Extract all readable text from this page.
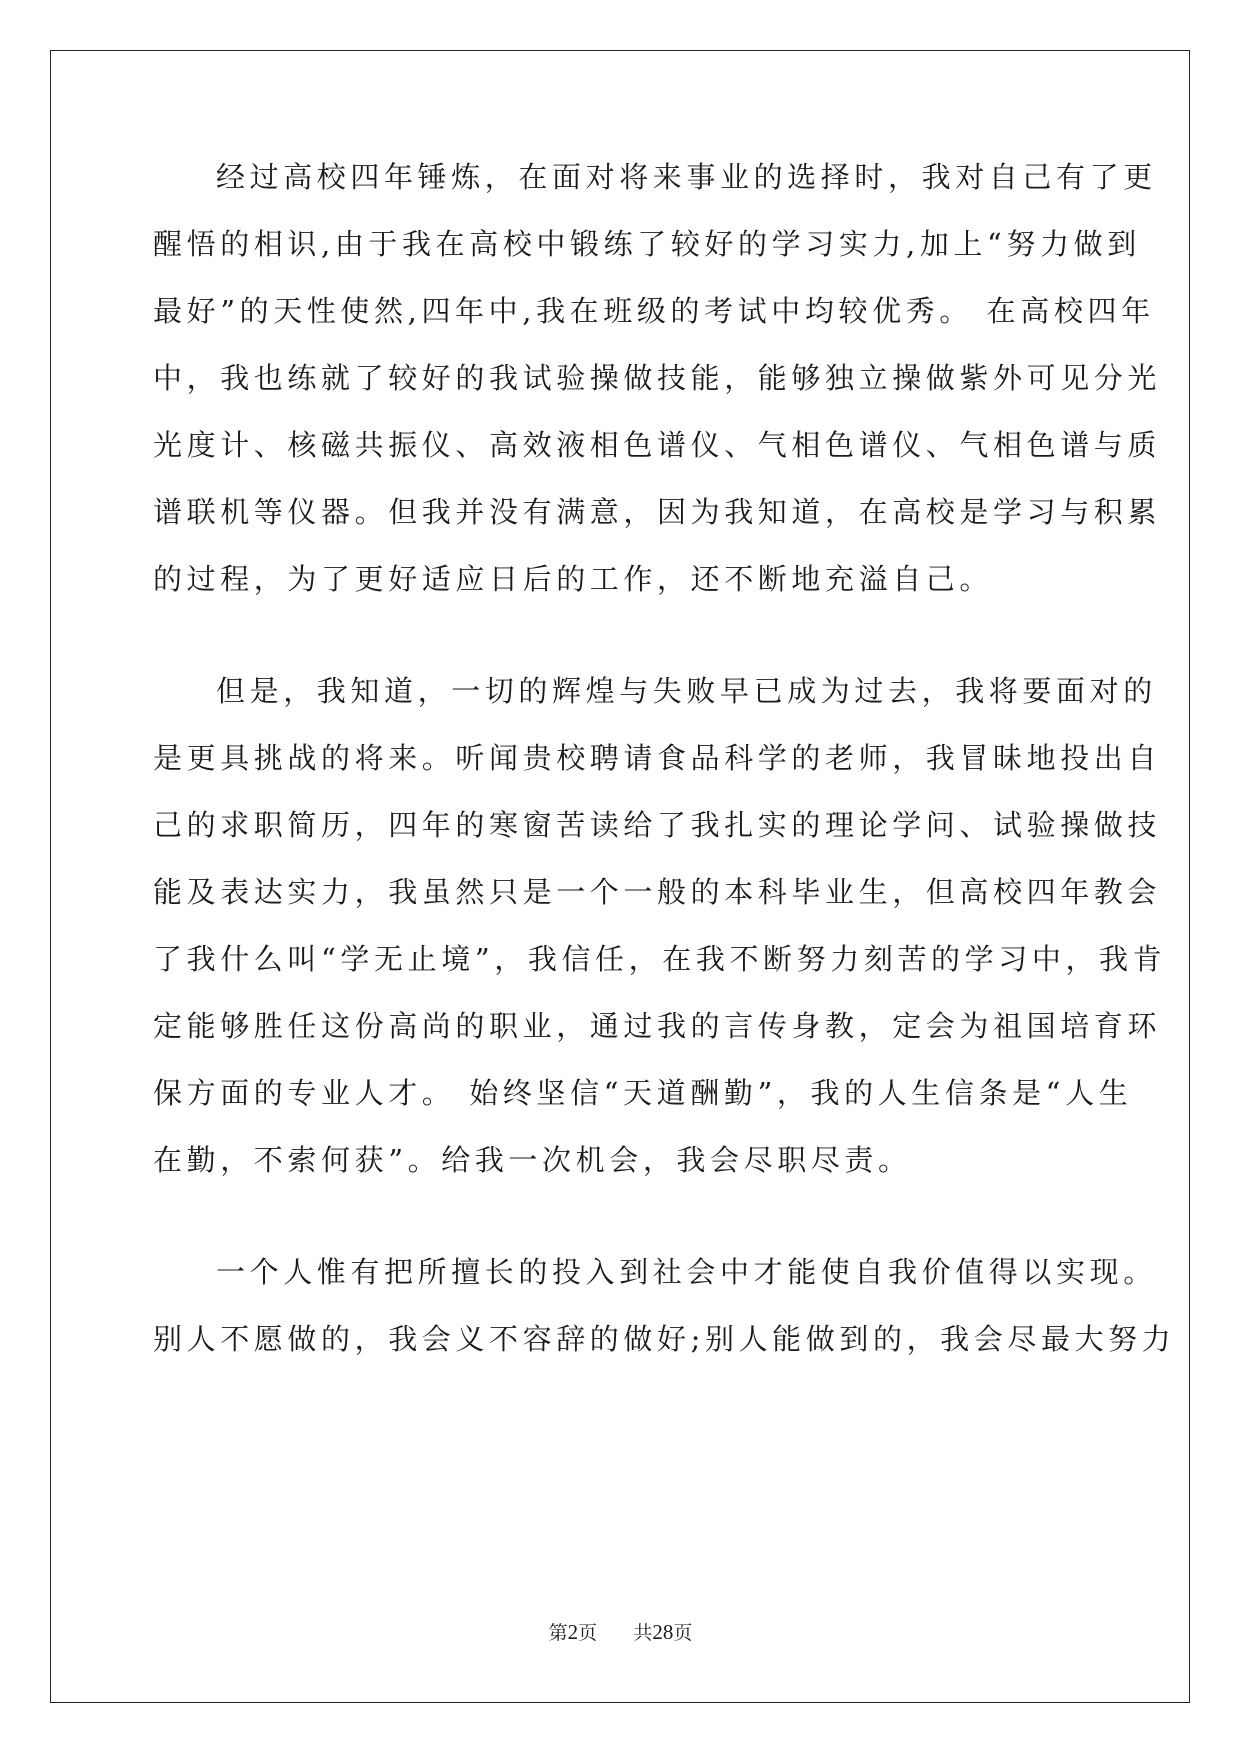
经过高校四年锤炼，在面对将来事业的选择时，我对自己有了更
醒悟的相识,由于我在高校中锻练了较好的学习实力,加上“努力做到
最好”的天性使然,四年中,我在班级的考试中均较优秀。 在高校四年
中，我也练就了较好的我试验操做技能，能够独立操做紫外可见分光
光度计、核磁共振仪、高效液相色谱仪、气相色谱仪、气相色谱与质
谱联机等仪器。但我并没有满意，因为我知道，在高校是学习与积累
的过程，为了更好适应日后的工作，还不断地充溢自己。
但是，我知道，一切的辉煌与失败早已成为过去，我将要面对的
是更具挑战的将来。听闻贵校聘请食品科学的老师，我冒昧地投出自
己的求职简历，四年的寒窗苦读给了我扎实的理论学问、试验操做技
能及表达实力，我虽然只是一个一般的本科毕业生，但高校四年教会
了我什么叫“学无止境”，我信任，在我不断努力刻苦的学习中，我肯
定能够胜任这份高尚的职业，通过我的言传身教，定会为祖国培育环
保方面的专业人才。 始终坚信“天道酬勤”，我的人生信条是“人生
在勤，不索何获”。给我一次机会，我会尽职尽责。
一个人惟有把所擅长的投入到社会中才能使自我价值得以实现。
别人不愿做的，我会义不容辞的做好;别人能做到的，我会尽最大努力
第2页 共28页
